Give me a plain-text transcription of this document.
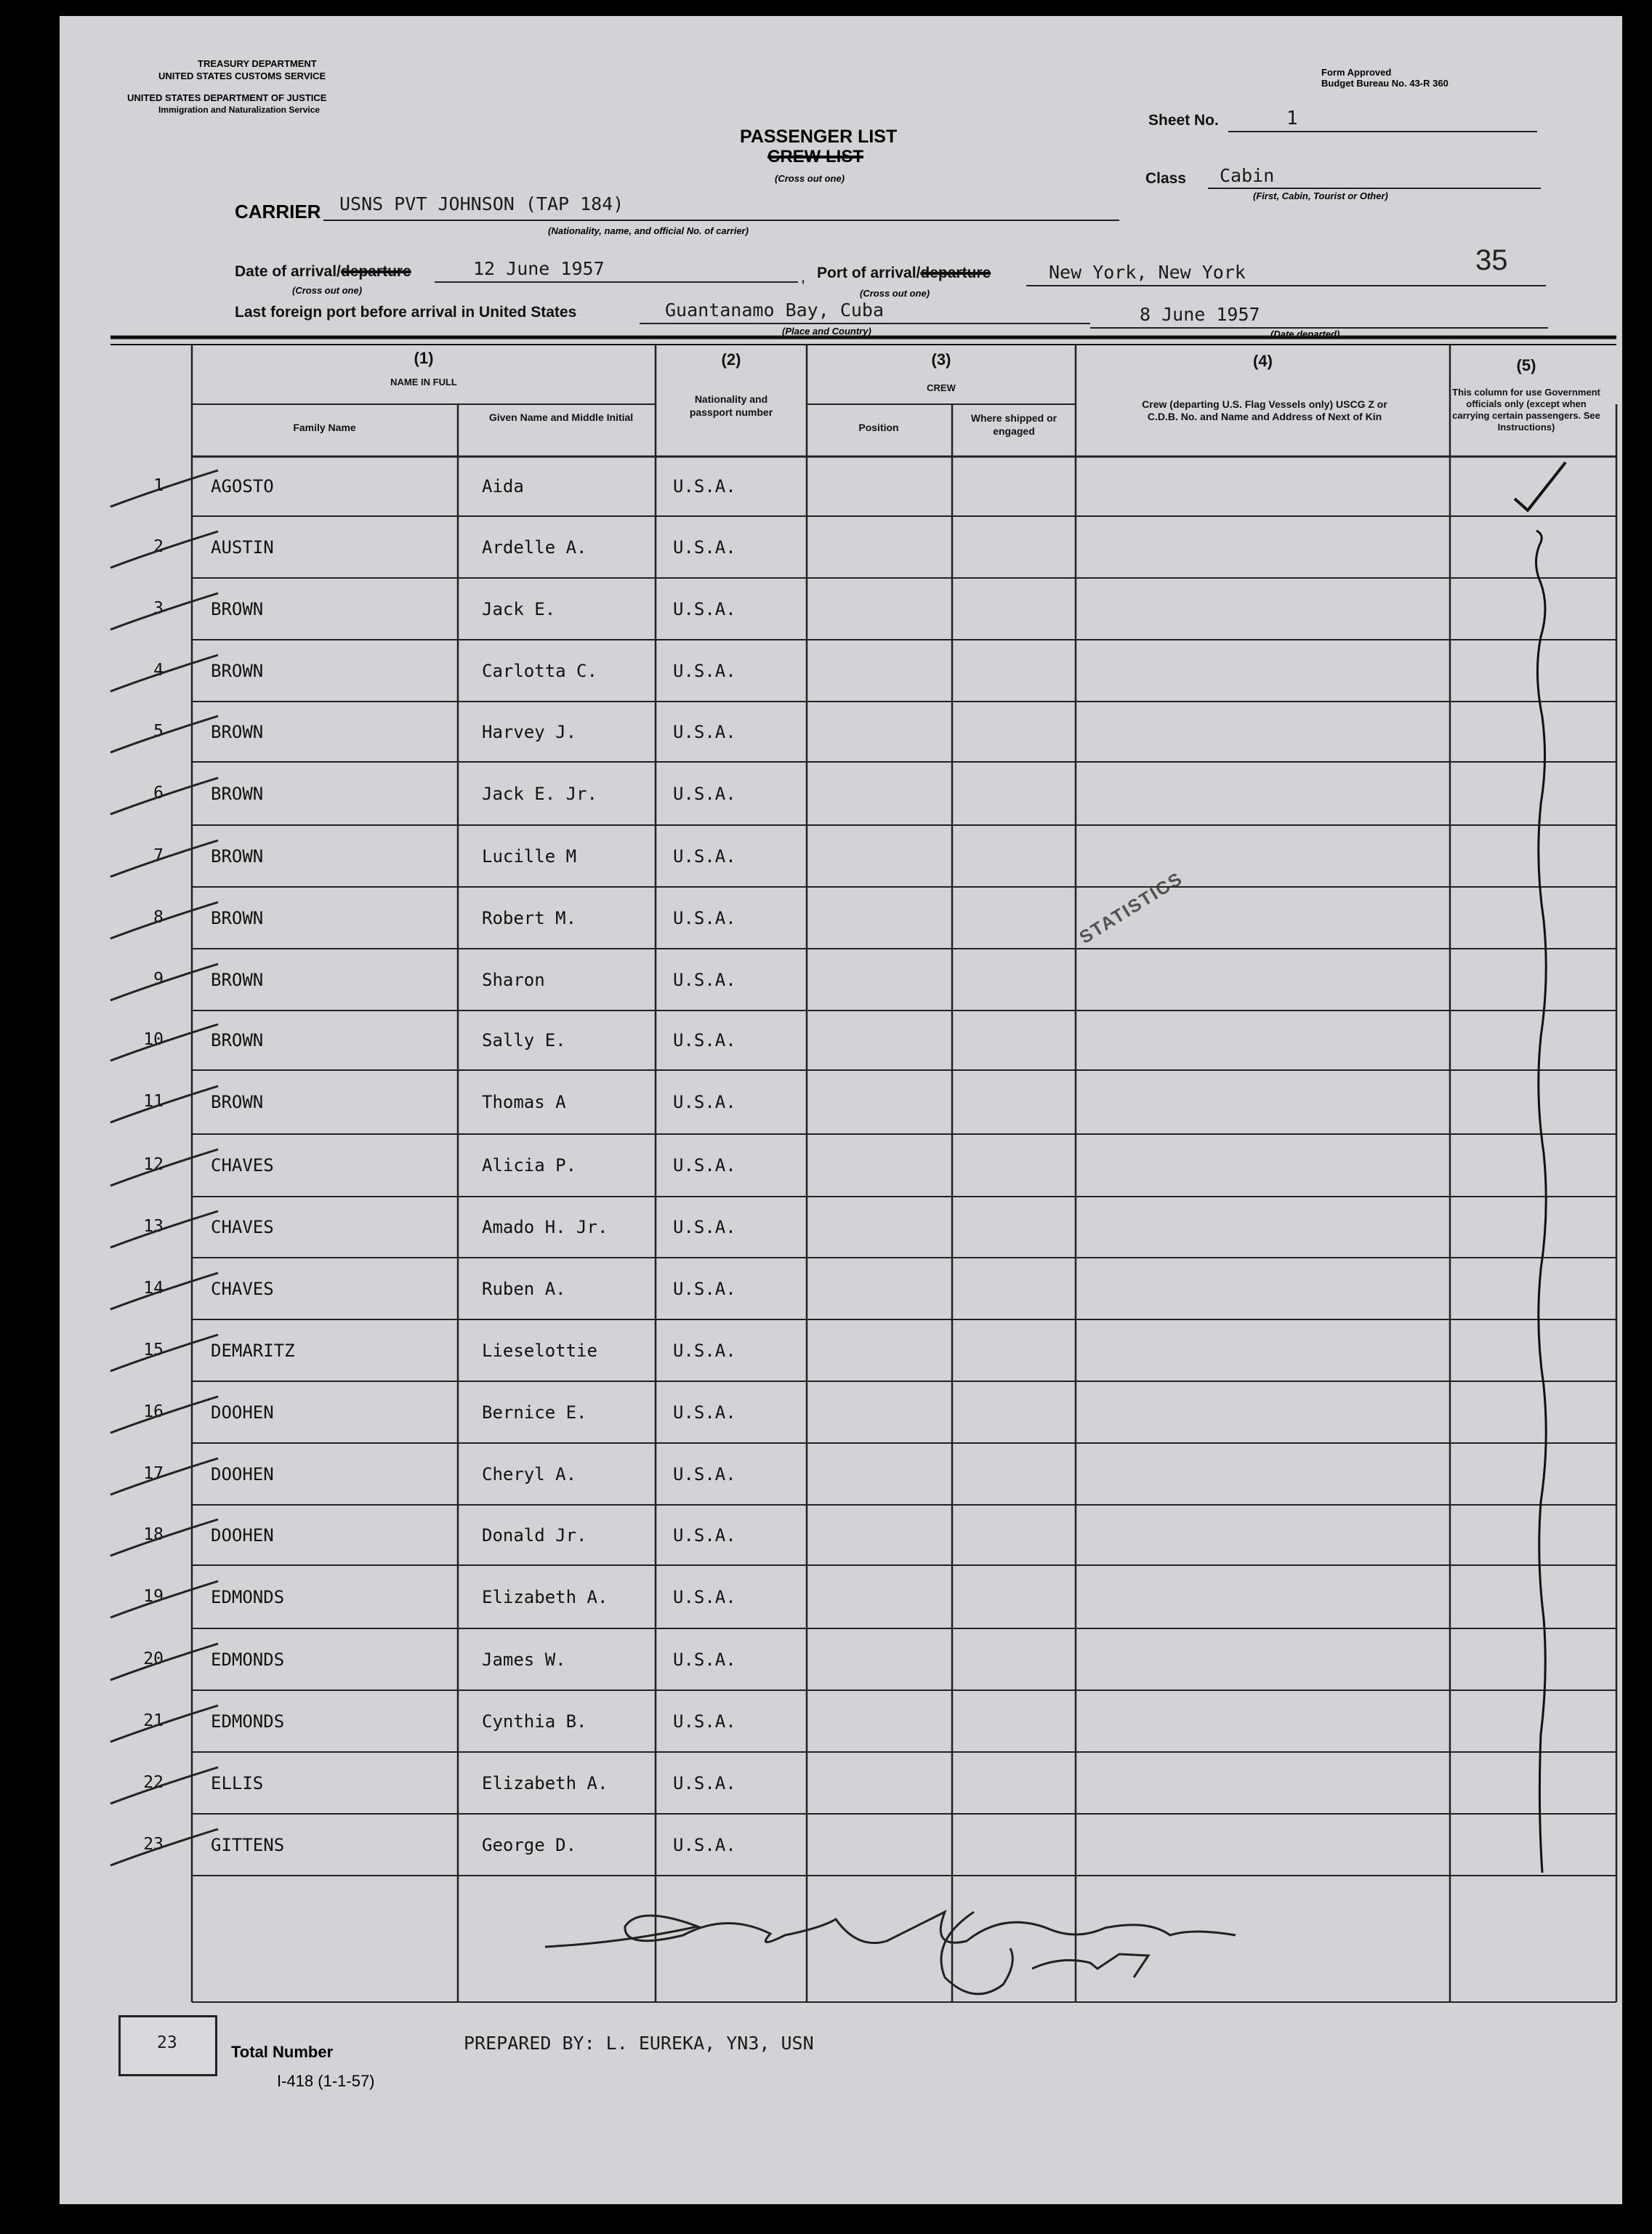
TREASURY DEPARTMENT
UNITED STATES CUSTOMS SERVICE
UNITED STATES DEPARTMENT OF JUSTICE
Immigration and Naturalization Service
Form Approved
Budget Bureau No. 43-R 360
Sheet No.	1
PASSENGER LIST
CREW LIST
(Cross out one)	Class Cabin
(First, Cabin, Tourist or Other)
CARRIER USNS PVT JOHNSON (TAP 184)
(Nationality, name, and official No. of carrier)
Date of arrival/departure	12 June 1957
(Cross out one)
, Port of arrival/departure	New York, New York
(Cross out one)
35
Last foreign port before arrival in United States	Guantanamo Bay, Cuba
(Place and Country)
8 June 1957
(Date departed)
(1)
NAME IN FULL
Family Name
Given Name and Middle Initial
(2)
Nationality and passport number
(3)
CREW
Position
Where shipped or engaged
(4)
Crew (departing U.S. Flag Vessels only) USCG Z or C.D.B. No. and Name and Address of Next of Kin
(5)
This column for use Government officials only (except when carrying certain passengers. See Instructions)
1	AGOSTO	Aida	U.S.A.
2	AUSTIN	Ardelle A.	U.S.A.
3	BROWN	Jack E.	U.S.A.
4	BROWN	Carlotta C.	U.S.A.
5	BROWN	Harvey J.	U.S.A.
6	BROWN	Jack E. Jr.	U.S.A.
7	BROWN	Lucille M	U.S.A.
8	BROWN	Robert M.	U.S.A.
9	BROWN	Sharon	U.S.A.
10	BROWN	Sally E.	U.S.A.
11	BROWN	Thomas A	U.S.A.
12	CHAVES	Alicia P.	U.S.A.
13	CHAVES	Amado H. Jr.	U.S.A.
14	CHAVES	Ruben A.	U.S.A.
15	DEMARITZ	Lieselottie	U.S.A.
16	DOOHEN	Bernice E.	U.S.A.
17	DOOHEN	Cheryl A.	U.S.A.
18	DOOHEN	Donald Jr.	U.S.A.
19	EDMONDS	Elizabeth A.	U.S.A.
20	EDMONDS	James W.	U.S.A.
21	EDMONDS	Cynthia B.	U.S.A.
22	ELLIS	Elizabeth A.	U.S.A.
23	GITTENS	George D.	U.S.A.
STATISTICS
23	Total Number	PREPARED BY: L. EUREKA, YN3, USN
I-418 (1-1-57)
